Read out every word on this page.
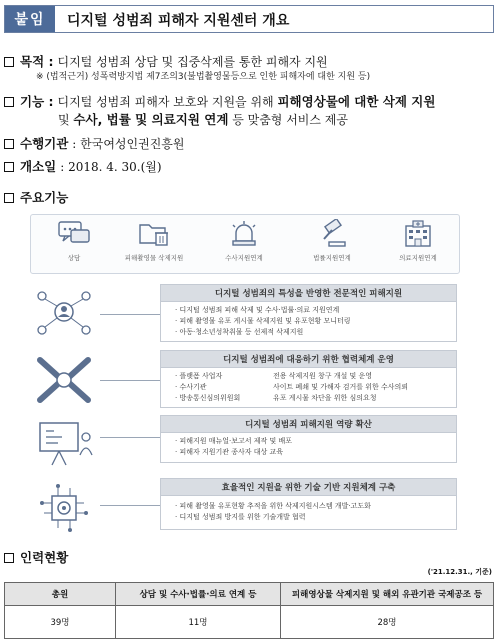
붙임	디지털 성범죄 피해자 지원센터 개요
목적 : 디지털 성범죄 상담 및 집중삭제를 통한 피해자 지원
※ (법적근거) 성폭력방지법 제7조의3(불법촬영물등으로 인한 피해자에 대한 지원 등)
기능 : 디지털 성범죄 피해자 보호와 지원을 위해 피해영상물에 대한 삭제 지원
및 수사, 법률 및 의료지원 연계 등 맞춤형 서비스 제공
수행기관 : 한국여성인권진흥원
개소일 : 2018. 4. 30.(월)
주요기능
상담	피해촬영물 삭제지원	수사지원연계	법률지원연계	의료지원연계
디지털 성범죄의 특성을 반영한 전문적인 피해지원
· 디지털 성범죄 피해 삭제 및 수사·법률·의료 지원연계
· 피해 촬영물 유포 게시물 삭제지원 및 유포현황 모니터링
· 아동·청소년성착취물 등 선제적 삭제지원
디지털 성범죄에 대응하기 위한 협력체계 운영
· 플랫폼 사업자	전용 삭제지원 창구 개설 및 운영
· 수사기관	사이트 폐쇄 및 가해자 검거를 위한 수사의뢰
· 방송통신심의위원회	유포 게시물 차단을 위한 심의요청
디지털 성범죄 피해지원 역량 확산
· 피해지원 매뉴얼·보고서 제작 및 배포
· 피해자 지원기관 종사자 대상 교육
효율적인 지원을 위한 기술 기반 지원체계 구축
· 피해 촬영물 유포현황 추적을 위한 삭제지원시스템 개발·고도화
· 디지털 성범죄 방지를 위한 기술개발 협력
인력현황
('21.12.31., 기준)
총원	상담 및 수사·법률·의료 연계 등	피해영상물 삭제지원 및 해외 유관기관 국제공조 등
39명	11명	28명
